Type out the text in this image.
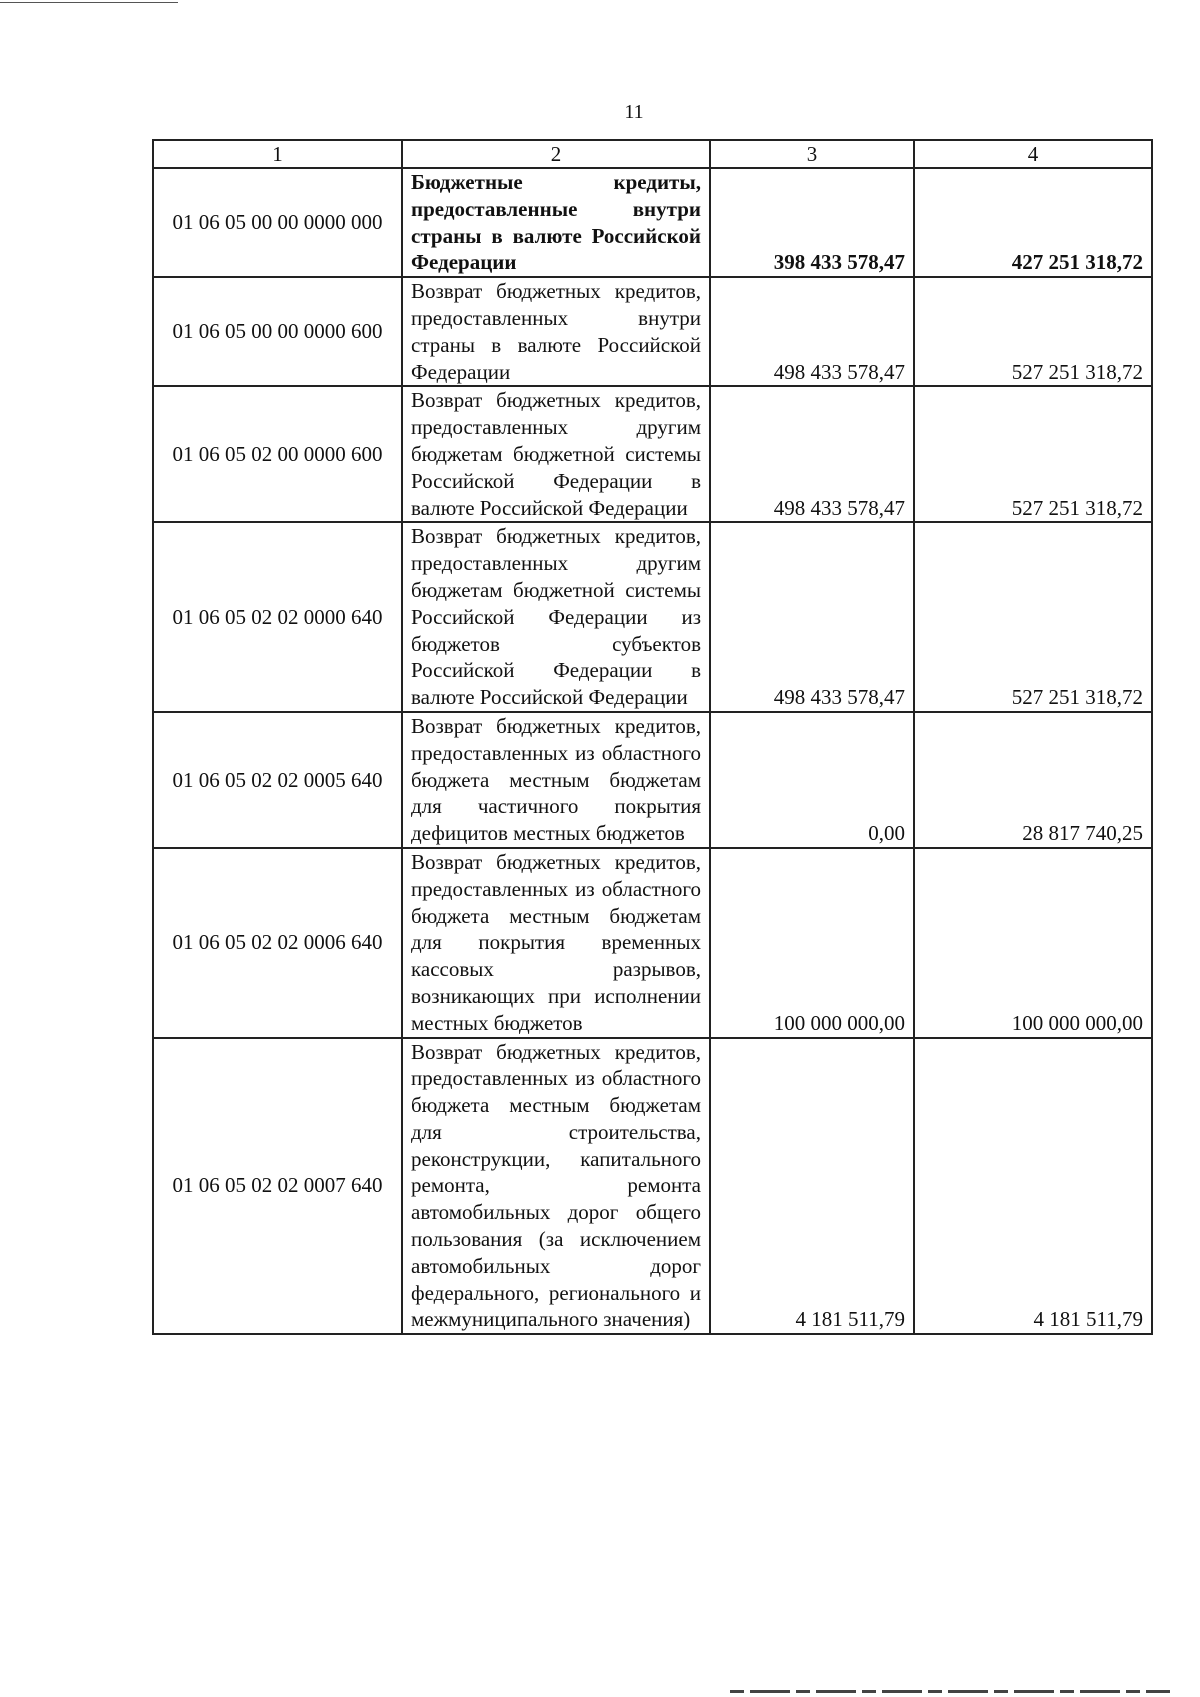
11
1	2	3	4
01 06 05 00 00 0000 000	Бюджетные кредиты, предоставленные внутри страны в валюте Российской Федерации	398 433 578,47	427 251 318,72
01 06 05 00 00 0000 600	Возврат бюджетных кредитов, предоставленных внутри страны в валюте Российской Федерации	498 433 578,47	527 251 318,72
01 06 05 02 00 0000 600	Возврат бюджетных кредитов, предоставленных другим бюджетам бюджетной системы Российской Федерации в валюте Российской Федерации	498 433 578,47	527 251 318,72
01 06 05 02 02 0000 640	Возврат бюджетных кредитов, предоставленных другим бюджетам бюджетной системы Российской Федерации из бюджетов субъектов Российской Федерации в валюте Российской Федерации	498 433 578,47	527 251 318,72
01 06 05 02 02 0005 640	Возврат бюджетных кредитов, предоставленных из областного бюджета местным бюджетам для частичного покрытия дефицитов местных бюджетов	0,00	28 817 740,25
01 06 05 02 02 0006 640	Возврат бюджетных кредитов, предоставленных из областного бюджета местным бюджетам для покрытия временных кассовых разрывов, возникающих при исполнении местных бюджетов	100 000 000,00	100 000 000,00
01 06 05 02 02 0007 640	Возврат бюджетных кредитов, предоставленных из областного бюджета местным бюджетам для строительства, реконструкции, капитального ремонта, ремонта автомобильных дорог общего пользования (за исключением автомобильных дорог федерального, регионального и межмуниципального значения)	4 181 511,79	4 181 511,79
